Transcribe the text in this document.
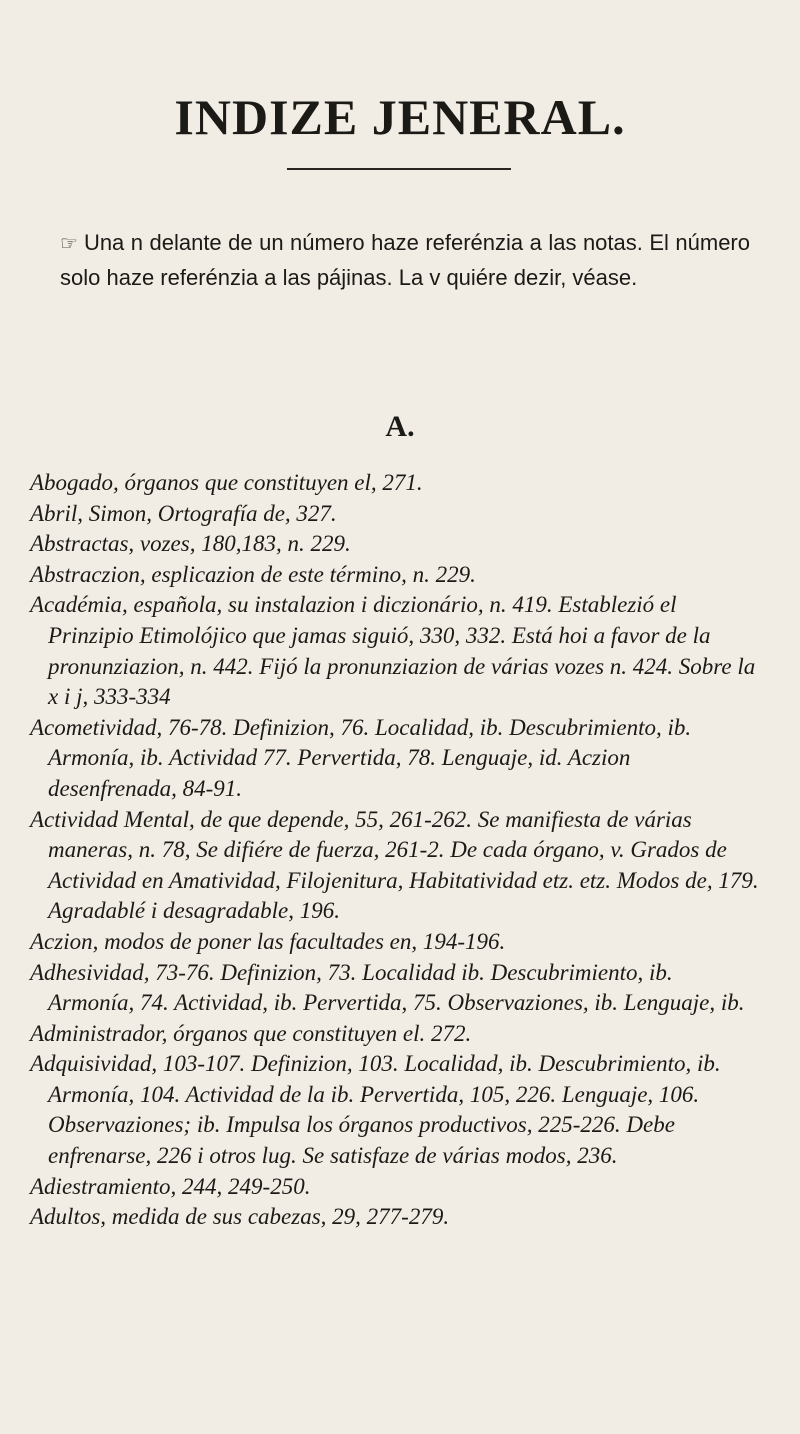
INDIZE JENERAL.

☞ Una n delante de un número haze referénzia a las notas. El número solo haze referénzia a las pájinas. La v quiére dezir, véase.

A.
Abogado, órganos que constituyen el, 271.
Abril, Simon, Ortografía de, 327.
Abstractas, vozes, 180,183, n. 229.
Abstraczion, esplicazion de este término, n. 229.
Académia, española, su instalazion i diczionário, n. 419. Establezió el Prinzipio Etimolójico que jamas siguió, 330, 332. Está hoi a favor de la pronunziazion, n. 442. Fijó la pronunziazion de várias vozes n. 424. Sobre la x i j, 333-334
Acometividad, 76-78. Definizion, 76. Localidad, ib. Descubrimiento, ib. Armonía, ib. Actividad 77. Pervertida, 78. Lenguaje, id. Aczion desenfrenada, 84-91.
Actividad Mental, de que depende, 55, 261-262. Se manifiesta de várias maneras, n. 78, Se difiére de fuerza, 261-2. De cada órgano, v. Grados de Actividad en Amatividad, Filojenitura, Habitatividad etz. etz. Modos de, 179. Agradablé i desagradable, 196.
Aczion, modos de poner las facultades en, 194-196.
Adhesividad, 73-76. Definizion, 73. Localidad ib. Descubrimiento, ib. Armonía, 74. Actividad, ib. Pervertida, 75. Observaziones, ib. Lenguaje, ib.
Administrador, órganos que constituyen el. 272.
Adquisividad, 103-107. Definizion, 103. Localidad, ib. Descubrimiento, ib. Armonía, 104. Actividad de la ib. Pervertida, 105, 226. Lenguaje, 106. Observaziones; ib. Impulsa los órganos productivos, 225-226. Debe enfrenarse, 226 i otros lug. Se satisfaze de várias modos, 236.
Adiestramiento, 244, 249-250.
Adultos, medida de sus cabezas, 29, 277-279.
